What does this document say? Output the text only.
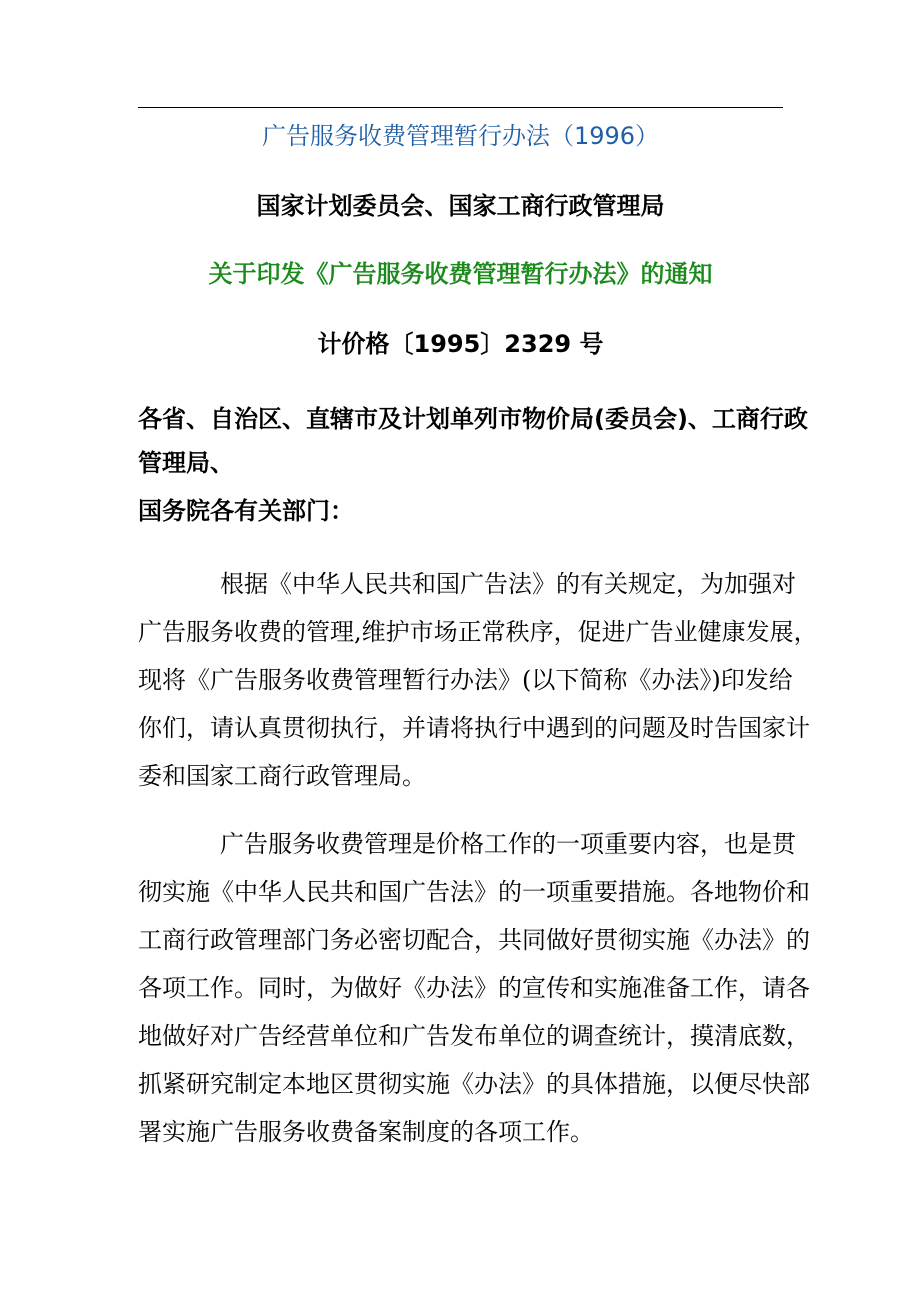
广告服务收费管理暂行办法（1996）
国家计划委员会、国家工商行政管理局
关于印发《广告服务收费管理暂行办法》的通知
计价格〔1995〕2329 号
各省、自治区、直辖市及计划单列市物价局(委员会)、工商行政
管理局、
国务院各有关部门：
根据《中华人民共和国广告法》的有关规定，为加强对
广告服务收费的管理,维护市场正常秩序，促进广告业健康发展，
现将《广告服务收费管理暂行办法》(以下简称《办法》)印发给
你们，请认真贯彻执行，并请将执行中遇到的问题及时告国家计
委和国家工商行政管理局。
广告服务收费管理是价格工作的一项重要内容，也是贯
彻实施《中华人民共和国广告法》的一项重要措施。各地物价和
工商行政管理部门务必密切配合，共同做好贯彻实施《办法》的
各项工作。同时，为做好《办法》的宣传和实施准备工作，请各
地做好对广告经营单位和广告发布单位的调查统计，摸清底数，
抓紧研究制定本地区贯彻实施《办法》的具体措施，以便尽快部
署实施广告服务收费备案制度的各项工作。
